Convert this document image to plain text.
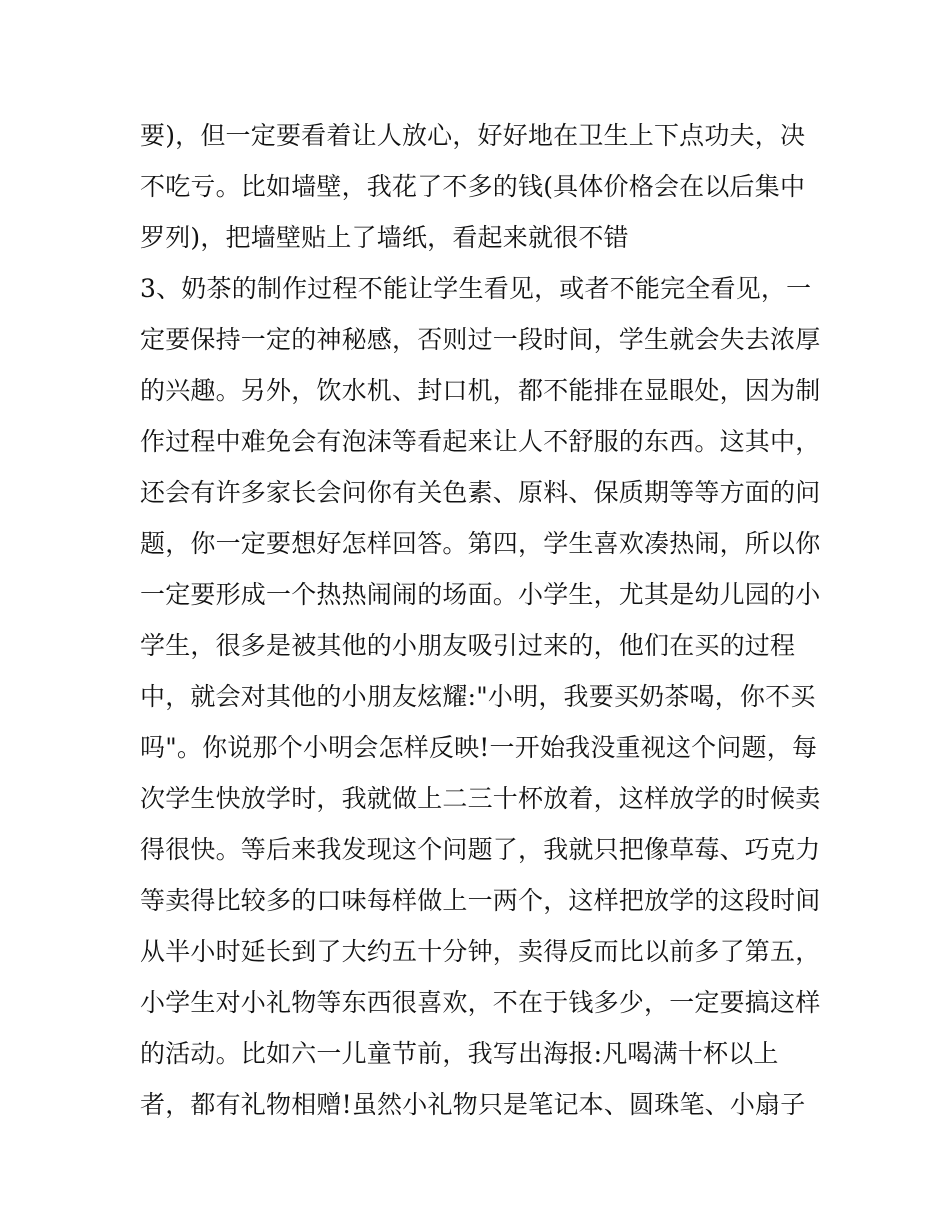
要)，但一定要看着让人放心，好好地在卫生上下点功夫，决
不吃亏。比如墙壁，我花了不多的钱(具体价格会在以后集中
罗列)，把墙壁贴上了墙纸，看起来就很不错
3、奶茶的制作过程不能让学生看见，或者不能完全看见，一
定要保持一定的神秘感，否则过一段时间，学生就会失去浓厚
的兴趣。另外，饮水机、封口机，都不能排在显眼处，因为制
作过程中难免会有泡沫等看起来让人不舒服的东西。这其中，
还会有许多家长会问你有关色素、原料、保质期等等方面的问
题，你一定要想好怎样回答。第四，学生喜欢凑热闹，所以你
一定要形成一个热热闹闹的场面。小学生，尤其是幼儿园的小
学生，很多是被其他的小朋友吸引过来的，他们在买的过程
中，就会对其他的小朋友炫耀:"小明，我要买奶茶喝，你不买
吗"。你说那个小明会怎样反映!一开始我没重视这个问题，每
次学生快放学时，我就做上二三十杯放着，这样放学的时候卖
得很快。等后来我发现这个问题了，我就只把像草莓、巧克力
等卖得比较多的口味每样做上一两个，这样把放学的这段时间
从半小时延长到了大约五十分钟，卖得反而比以前多了第五，
小学生对小礼物等东西很喜欢，不在于钱多少，一定要搞这样
的活动。比如六一儿童节前，我写出海报:凡喝满十杯以上
者，都有礼物相赠!虽然小礼物只是笔记本、圆珠笔、小扇子
